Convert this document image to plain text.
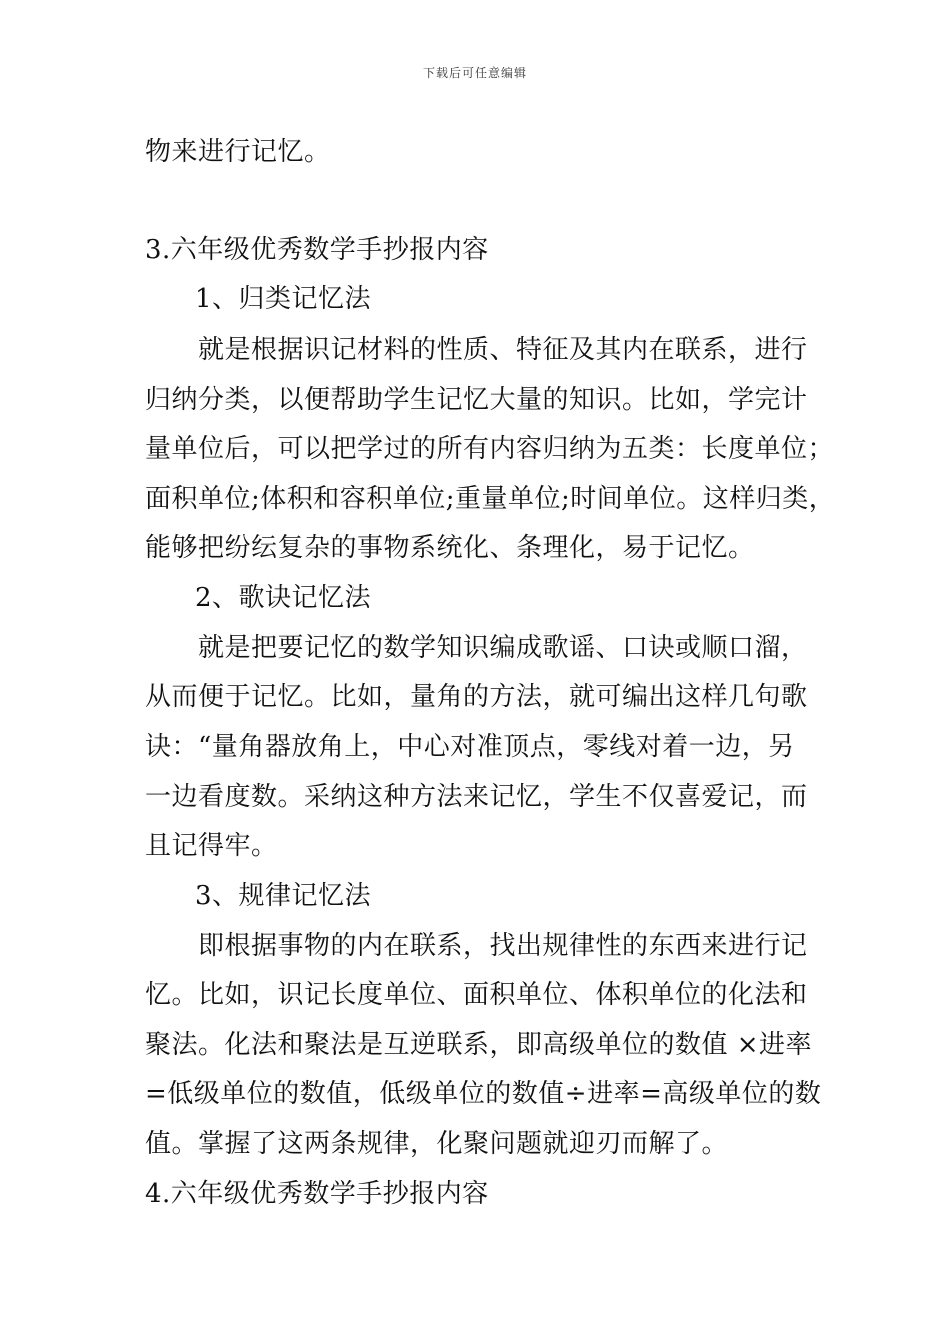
下载后可任意编辑
物来进行记忆。
3.六年级优秀数学手抄报内容
1、归类记忆法
就是根据识记材料的性质、特征及其内在联系，进行
归纳分类，以便帮助学生记忆大量的知识。比如，学完计
量单位后，可以把学过的所有内容归纳为五类：长度单位；
面积单位;体积和容积单位;重量单位;时间单位。这样归类，
能够把纷纭复杂的事物系统化、条理化，易于记忆。
2、歌诀记忆法
就是把要记忆的数学知识编成歌谣、口诀或顺口溜，
从而便于记忆。比如，量角的方法，就可编出这样几句歌
诀：“量角器放角上，中心对准顶点，零线对着一边，另
一边看度数。采纳这种方法来记忆，学生不仅喜爱记，而
且记得牢。
3、规律记忆法
即根据事物的内在联系，找出规律性的东西来进行记
忆。比如，识记长度单位、面积单位、体积单位的化法和
聚法。化法和聚法是互逆联系，即高级单位的数值 ×进率
=低级单位的数值，低级单位的数值÷进率=高级单位的数
值。掌握了这两条规律，化聚问题就迎刃而解了。
4.六年级优秀数学手抄报内容
